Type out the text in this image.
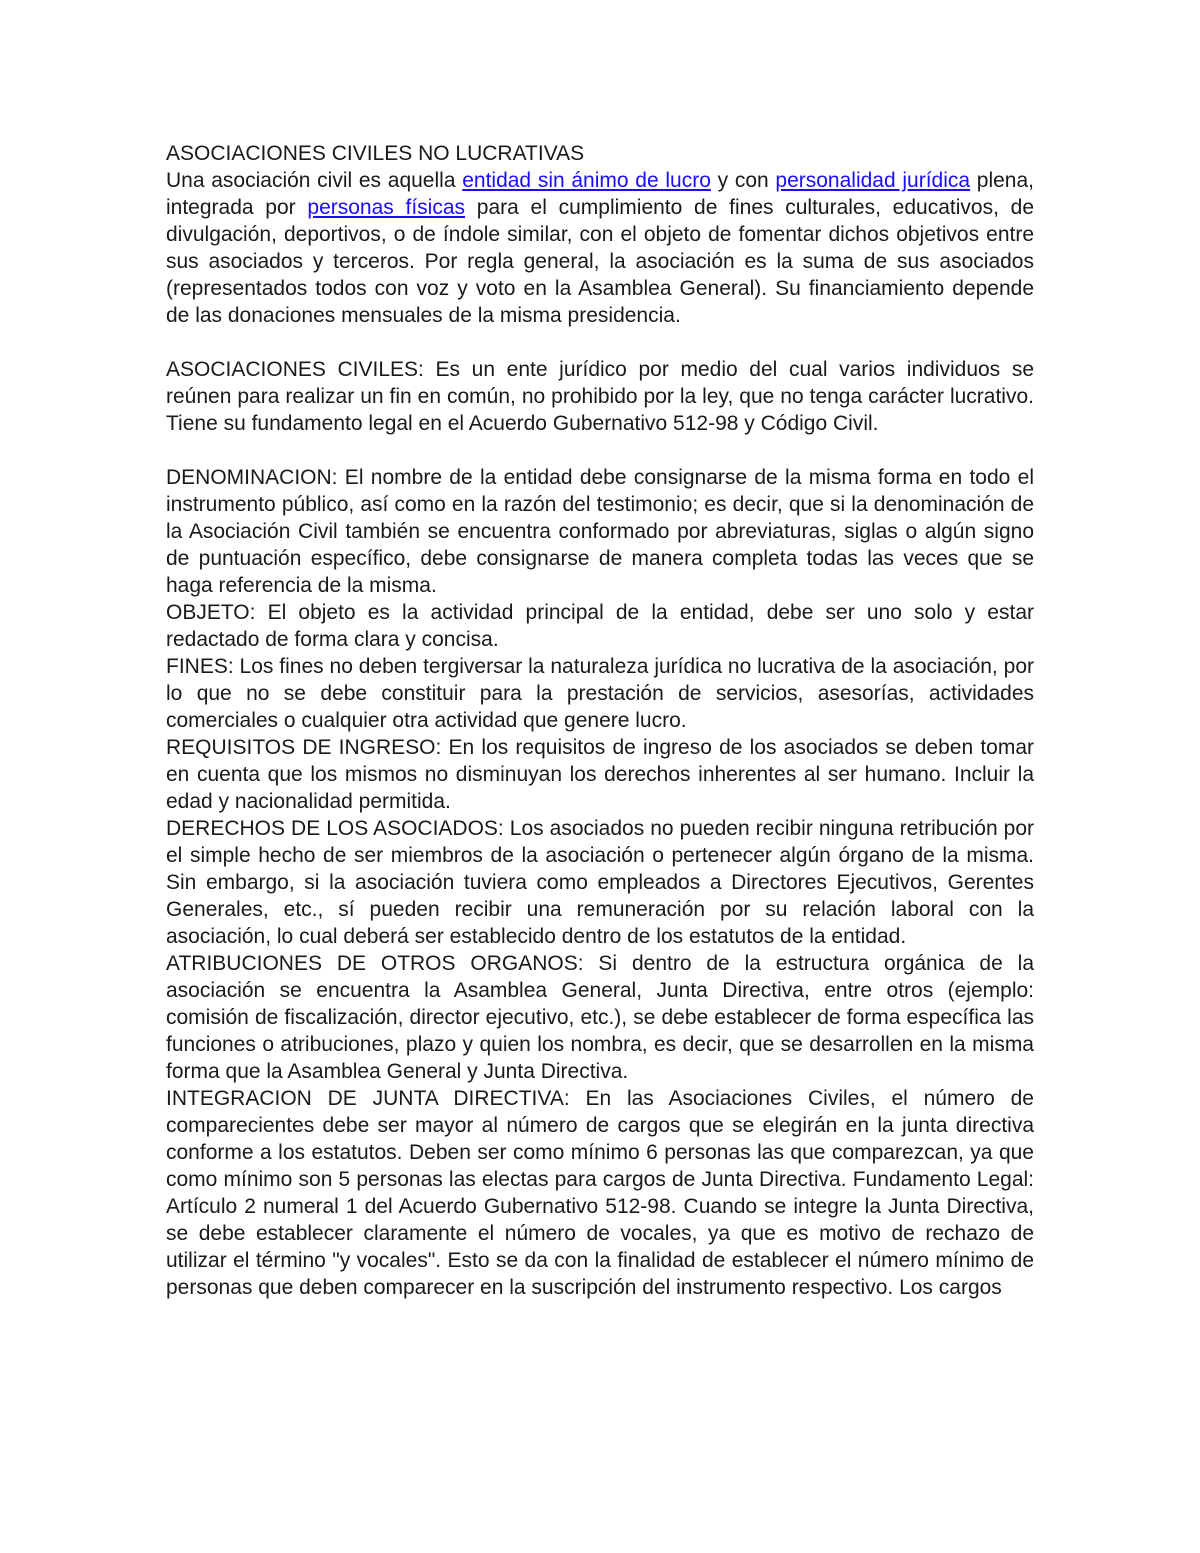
ASOCIACIONES CIVILES NO LUCRATIVAS

Una asociación civil es aquella entidad sin ánimo de lucro y con personalidad jurídica plena, integrada por personas físicas para el cumplimiento de fines culturales, educativos, de divulgación, deportivos, o de índole similar, con el objeto de fomentar dichos objetivos entre sus asociados y terceros. Por regla general, la asociación es la suma de sus asociados (representados todos con voz y voto en la Asamblea General). Su financiamiento depende de las donaciones mensuales de la misma presidencia.

ASOCIACIONES CIVILES: Es un ente jurídico por medio del cual varios individuos se reúnen para realizar un fin en común, no prohibido por la ley, que no tenga carácter lucrativo. Tiene su fundamento legal en el Acuerdo Gubernativo 512-98 y Código Civil.

DENOMINACION: El nombre de la entidad debe consignarse de la misma forma en todo el instrumento público, así como en la razón del testimonio; es decir, que si la denominación de la Asociación Civil también se encuentra conformado por abreviaturas, siglas o algún signo de puntuación específico, debe consignarse de manera completa todas las veces que se haga referencia de la misma.

OBJETO: El objeto es la actividad principal de la entidad, debe ser uno solo y estar redactado de forma clara y concisa.

FINES: Los fines no deben tergiversar la naturaleza jurídica no lucrativa de la asociación, por lo que no se debe constituir para la prestación de servicios, asesorías, actividades comerciales o cualquier otra actividad que genere lucro.

REQUISITOS DE INGRESO: En los requisitos de ingreso de los asociados se deben tomar en cuenta que los mismos no disminuyan los derechos inherentes al ser humano. Incluir la edad y nacionalidad permitida.

DERECHOS DE LOS ASOCIADOS: Los asociados no pueden recibir ninguna retribución por el simple hecho de ser miembros de la asociación o pertenecer algún órgano de la misma. Sin embargo, si la asociación tuviera como empleados a Directores Ejecutivos, Gerentes Generales, etc., sí pueden recibir una remuneración por su relación laboral con la asociación, lo cual deberá ser establecido dentro de los estatutos de la entidad.

ATRIBUCIONES DE OTROS ORGANOS: Si dentro de la estructura orgánica de la asociación se encuentra la Asamblea General, Junta Directiva, entre otros (ejemplo: comisión de fiscalización, director ejecutivo, etc.), se debe establecer de forma específica las funciones o atribuciones, plazo y quien los nombra, es decir, que se desarrollen en la misma forma que la Asamblea General y Junta Directiva.

INTEGRACION DE JUNTA DIRECTIVA: En las Asociaciones Civiles, el número de comparecientes debe ser mayor al número de cargos que se elegirán en la junta directiva conforme a los estatutos. Deben ser como mínimo 6 personas las que comparezcan, ya que como mínimo son 5 personas las electas para cargos de Junta Directiva. Fundamento Legal: Artículo 2 numeral 1 del Acuerdo Gubernativo 512-98. Cuando se integre la Junta Directiva, se debe establecer claramente el número de vocales, ya que es motivo de rechazo de utilizar el término "y vocales". Esto se da con la finalidad de establecer el número mínimo de personas que deben comparecer en la suscripción del instrumento respectivo. Los cargos
